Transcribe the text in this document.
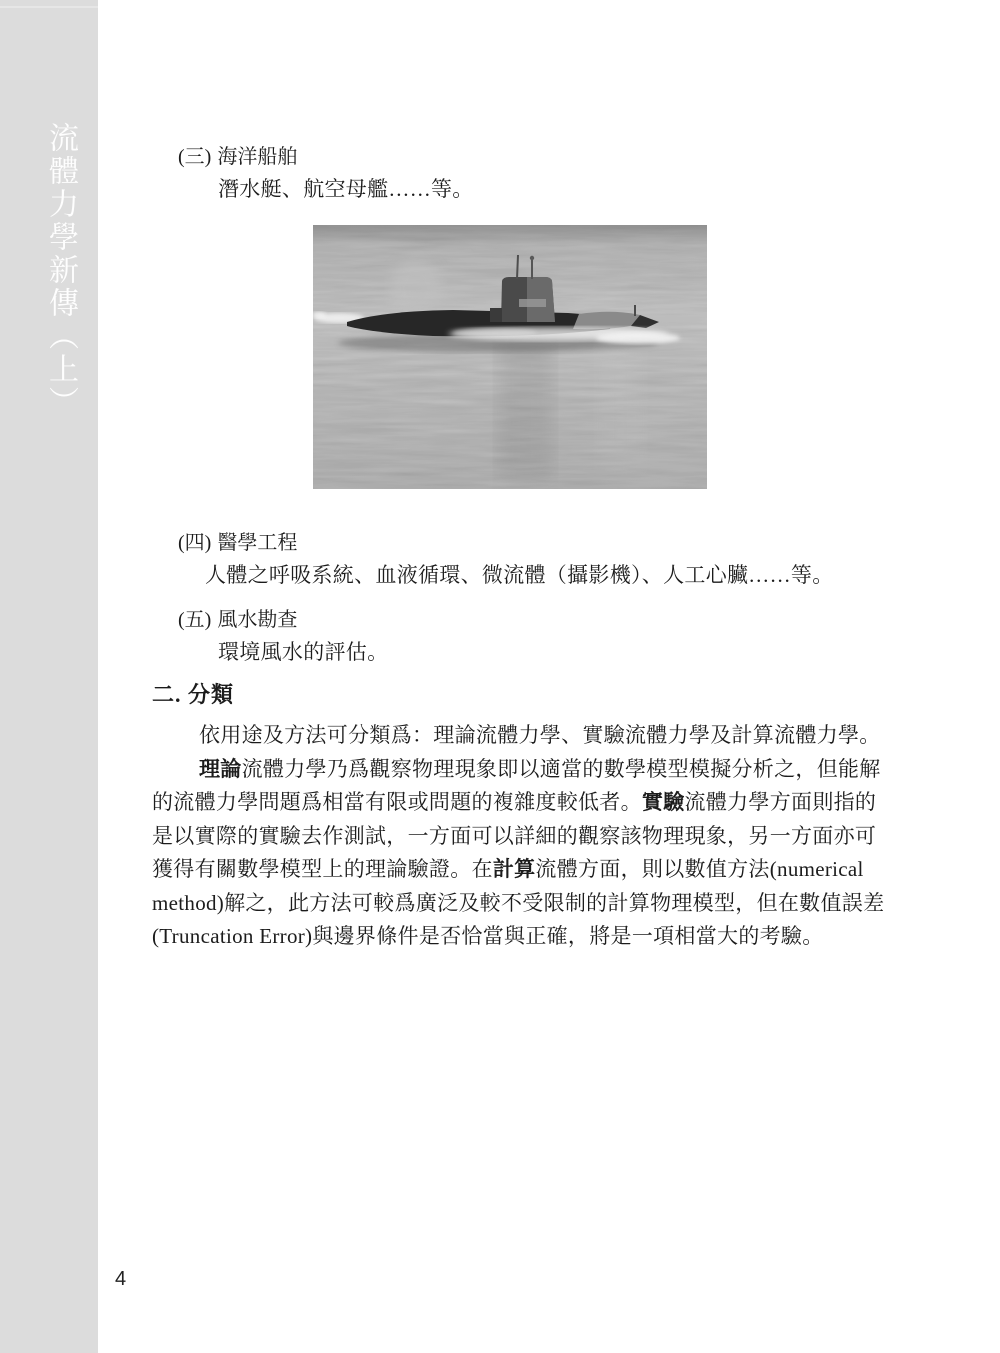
流體力學新傳（上）	(三) 海洋船舶
潛水艇、航空母艦……等。
(四) 醫學工程
人體之呼吸系統、血液循環、微流體（攝影機）、人工心臟……等。
(五) 風水勘查
環境風水的評估。
二. 分類
依用途及方法可分類爲：理論流體力學、實驗流體力學及計算流體力學。
理論流體力學乃爲觀察物理現象即以適當的數學模型模擬分析之，但能解
的流體力學問題爲相當有限或問題的複雜度較低者。實驗流體力學方面則指的
是以實際的實驗去作測試，一方面可以詳細的觀察該物理現象，另一方面亦可
獲得有關數學模型上的理論驗證。在計算流體方面，則以數值方法(numerical
method)解之，此方法可較爲廣泛及較不受限制的計算物理模型，但在數值誤差
(Truncation Error)與邊界條件是否恰當與正確，將是一項相當大的考驗。
4
